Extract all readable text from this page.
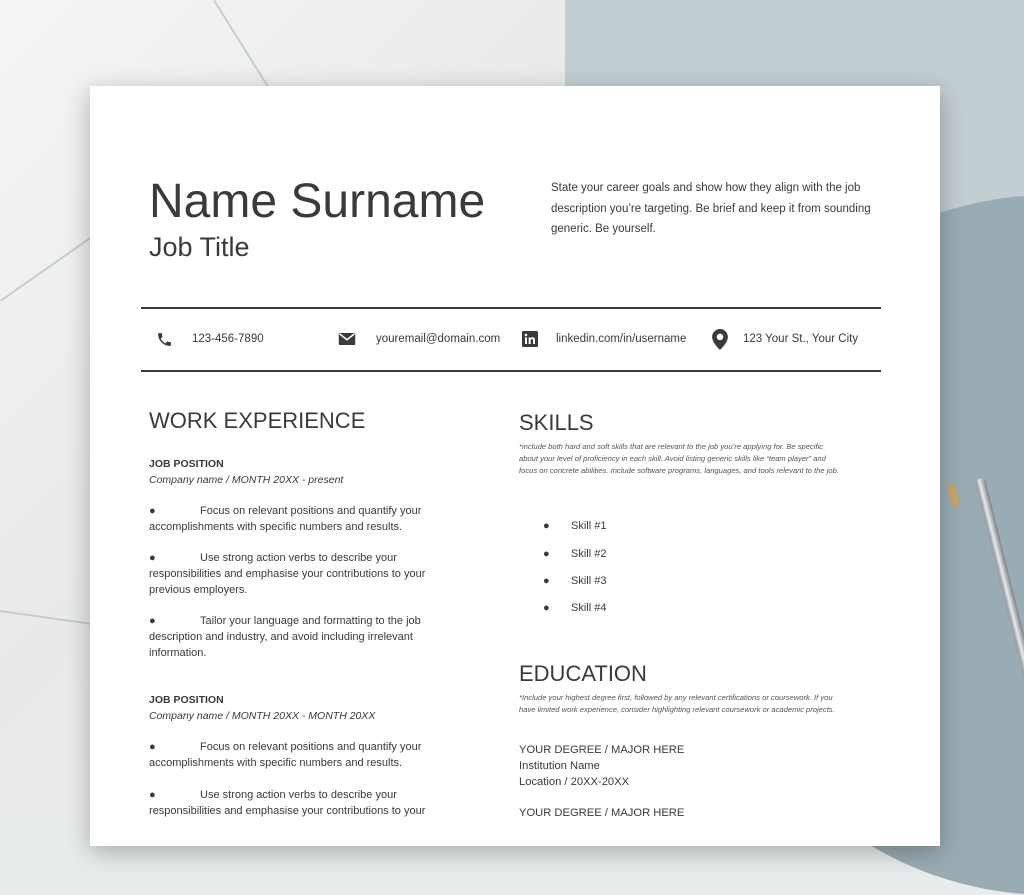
Name Surname
Job Title
State your career goals and show how they align with the job description you’re targeting. Be brief and keep it from sounding generic. Be yourself.
123-456-7890	youremail@domain.com	linkedin.com/in/username	123 Your St., Your City
WORK EXPERIENCE
JOB POSITION
Company name / MONTH 20XX - present
●	Focus on relevant positions and quantify your accomplishments with specific numbers and results.
●	Use strong action verbs to describe your responsibilities and emphasise your contributions to your previous employers.
●	Tailor your language and formatting to the job description and industry, and avoid including irrelevant information.
JOB POSITION
Company name / MONTH 20XX - MONTH 20XX
●	Focus on relevant positions and quantify your accomplishments with specific numbers and results.
●	Use strong action verbs to describe your responsibilities and emphasise your contributions to your
SKILLS
*include both hard and soft skills that are relevant to the job you’re applying for. Be specific about your level of proficiency in each skill. Avoid listing generic skills like “team player” and focus on concrete abilities. Include software programs, languages, and tools relevant to the job.
● Skill #1
● Skill #2
● Skill #3
● Skill #4
EDUCATION
*Include your highest degree first, followed by any relevant certifications or coursework. If you have limited work experience, consider highlighting relevant coursework or academic projects.
YOUR DEGREE / MAJOR HERE
Institution Name
Location / 20XX-20XX
YOUR DEGREE / MAJOR HERE
